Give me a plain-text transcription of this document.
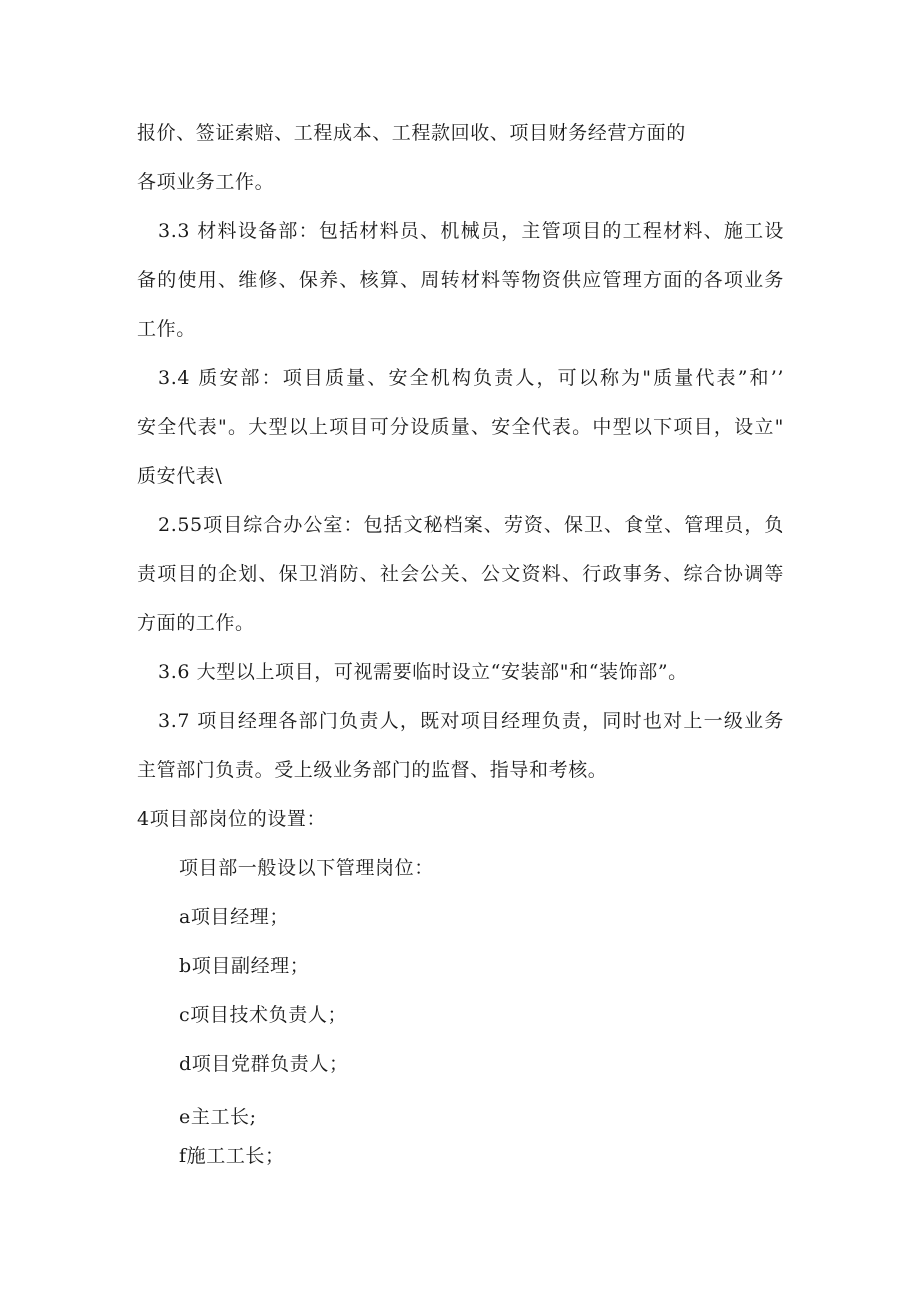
报价、签证索赔、工程成本、工程款回收、项目财务经营方面的
各项业务工作。
3.3 材料设备部：包括材料员、机械员，主管项目的工程材料、施工设
备的使用、维修、保养、核算、周转材料等物资供应管理方面的各项业务
工作。
3.4 质安部：项目质量、安全机构负责人，可以称为"质量代表”和’’
安全代表"。大型以上项目可分设质量、安全代表。中型以下项目，设立"
质安代表\
2.55项目综合办公室：包括文秘档案、劳资、保卫、食堂、管理员，负
责项目的企划、保卫消防、社会公关、公文资料、行政事务、综合协调等
方面的工作。
3.6 大型以上项目，可视需要临时设立“安装部"和“装饰部”。
3.7 项目经理各部门负责人，既对项目经理负责，同时也对上一级业务
主管部门负责。受上级业务部门的监督、指导和考核。
4项目部岗位的设置：
项目部一般设以下管理岗位：
a项目经理；
b项目副经理；
c项目技术负责人；
d项目党群负责人；
e主工长;
f施工工长；
